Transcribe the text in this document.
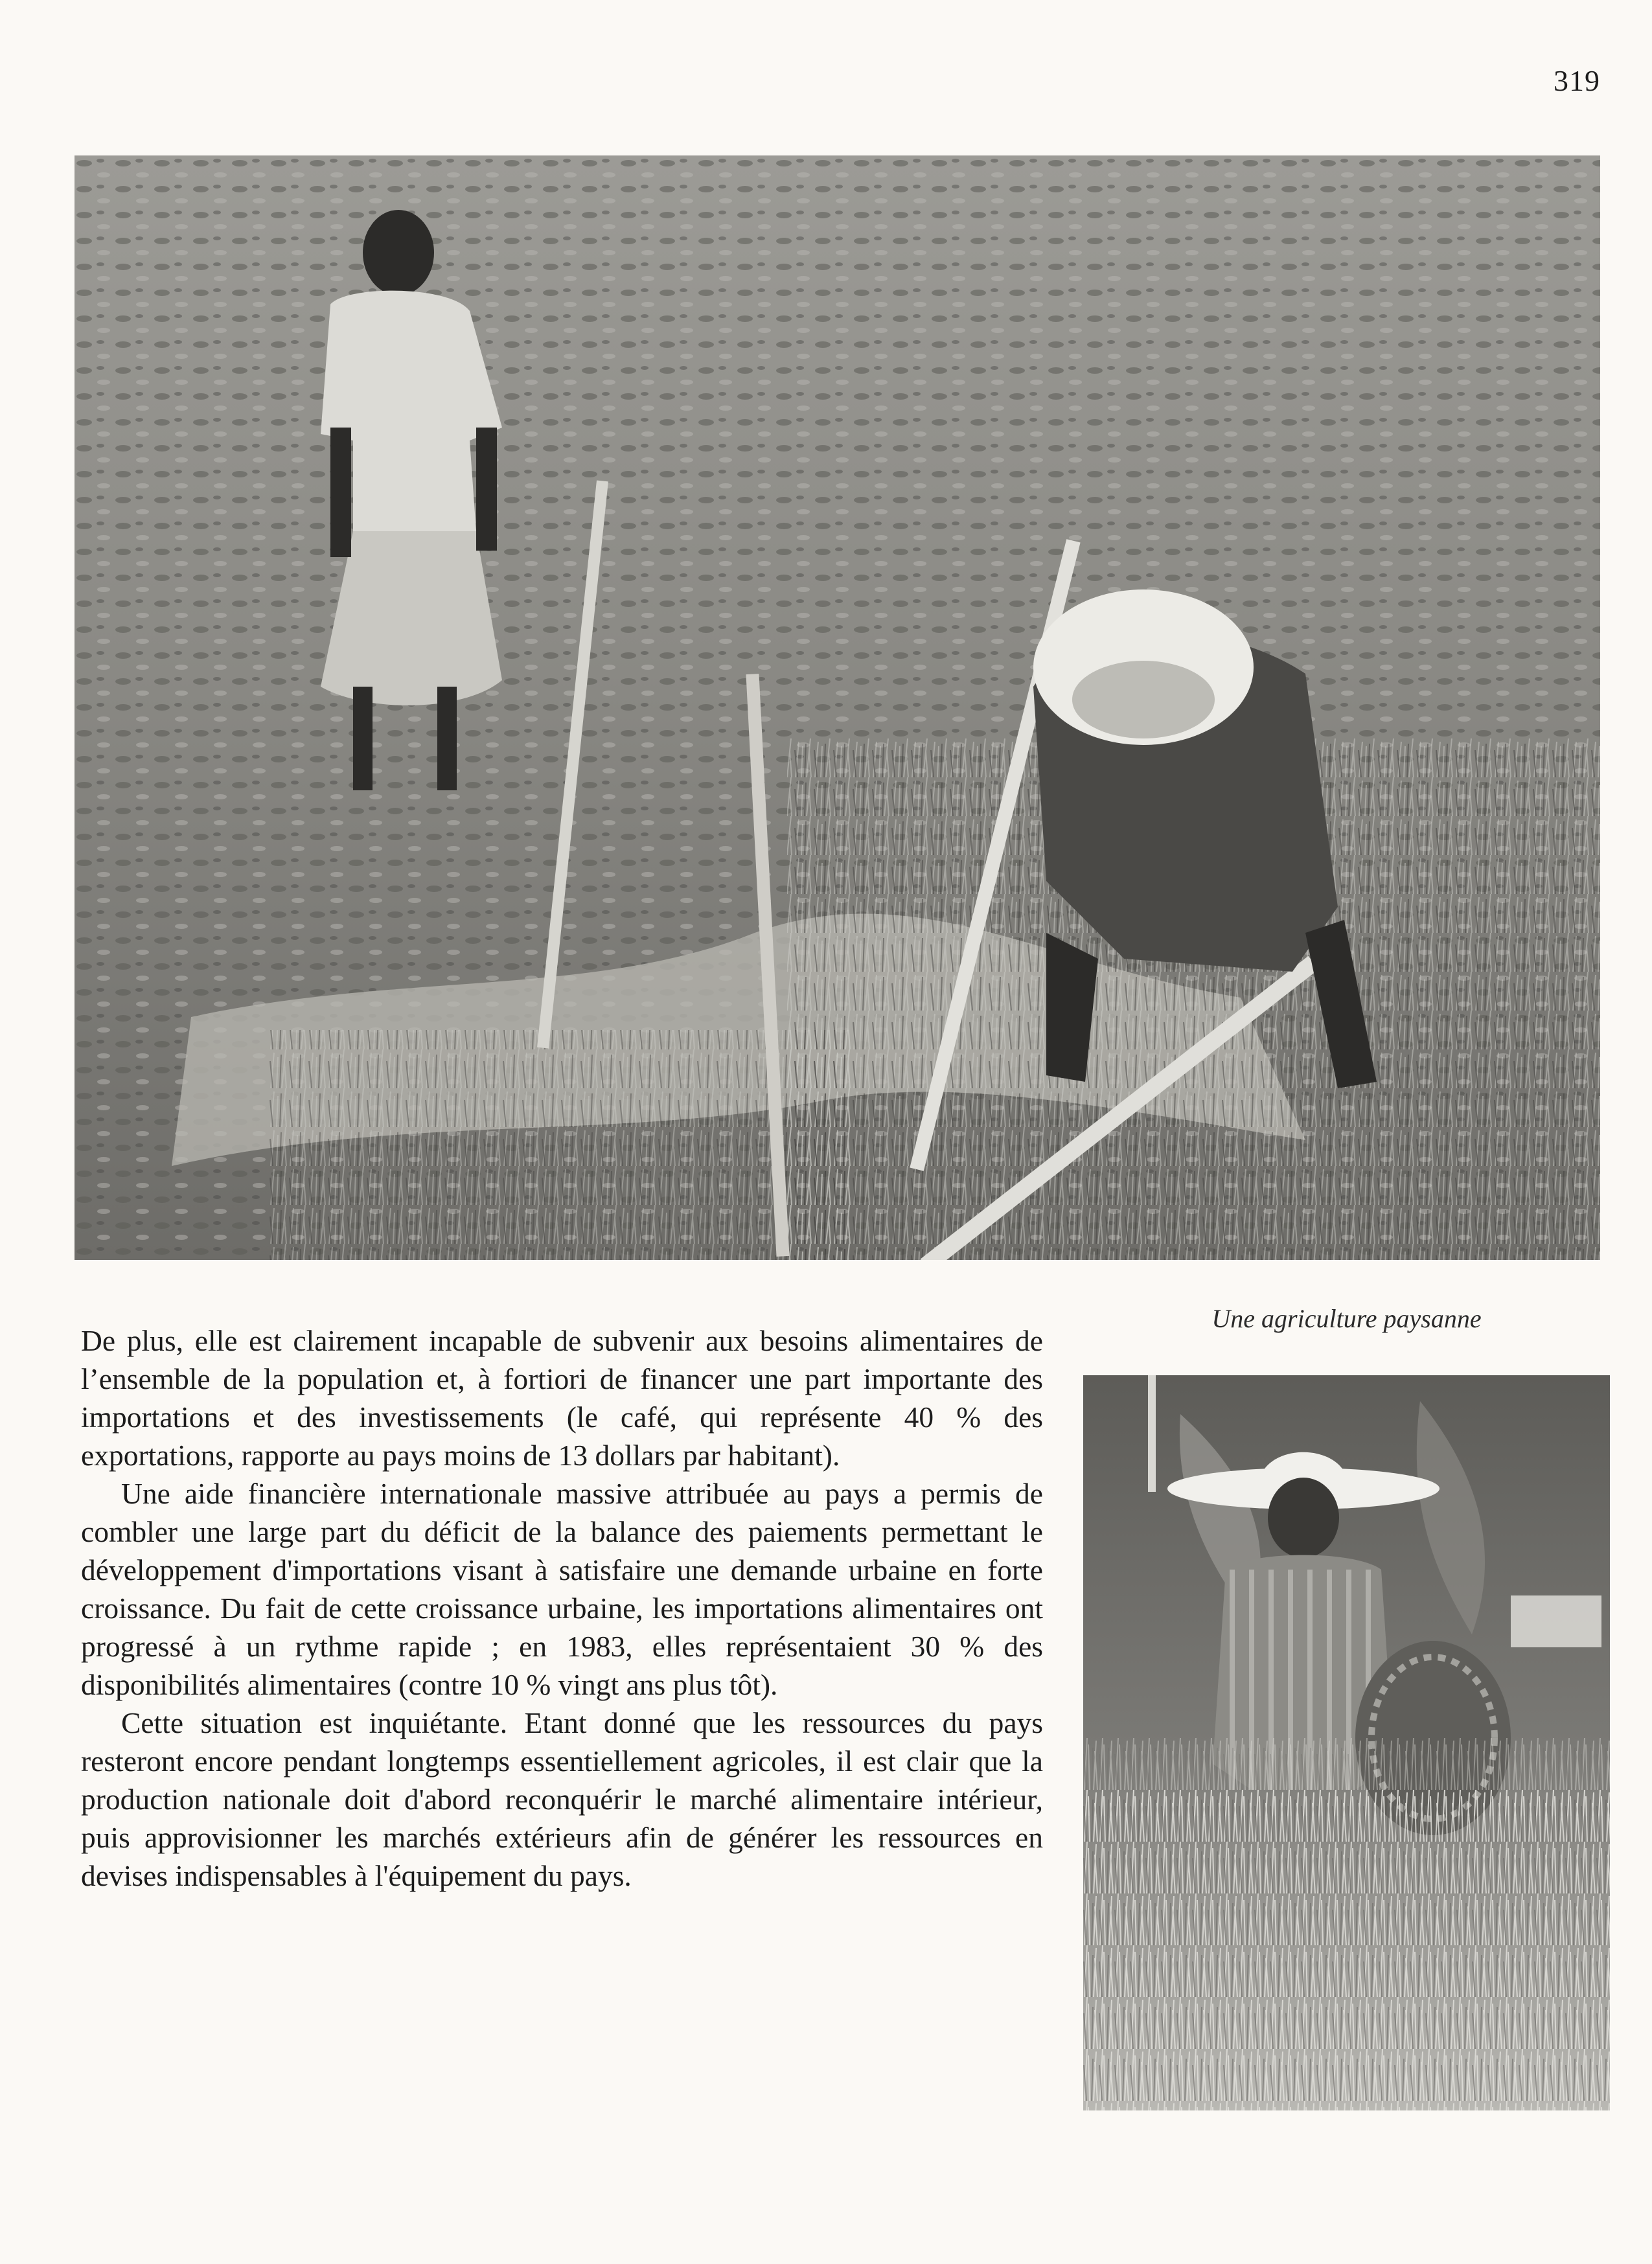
319
Une agriculture paysanne

De plus, elle est clairement incapable de subvenir aux besoins alimentaires de l’ensemble de la population et, à fortiori de financer une part importante des importations et des investissements (le café, qui représente 40 % des exportations, rapporte au pays moins de 13 dollars par habitant).

Une aide financière internationale massive attribuée au pays a permis de combler une large part du déficit de la balance des paiements permettant le développement d'importations visant à satisfaire une demande urbaine en forte croissance. Du fait de cette croissance urbaine, les importations alimentaires ont progressé à un rythme rapide ; en 1983, elles représentaient 30 % des disponibilités alimentaires (contre 10 % vingt ans plus tôt).

Cette situation est inquiétante. Etant donné que les ressources du pays resteront encore pendant longtemps essentiellement agricoles, il est clair que la production nationale doit d'abord reconquérir le marché alimentaire intérieur, puis approvisionner les marchés extérieurs afin de générer les ressources en devises indispensables à l'équipement du pays.
